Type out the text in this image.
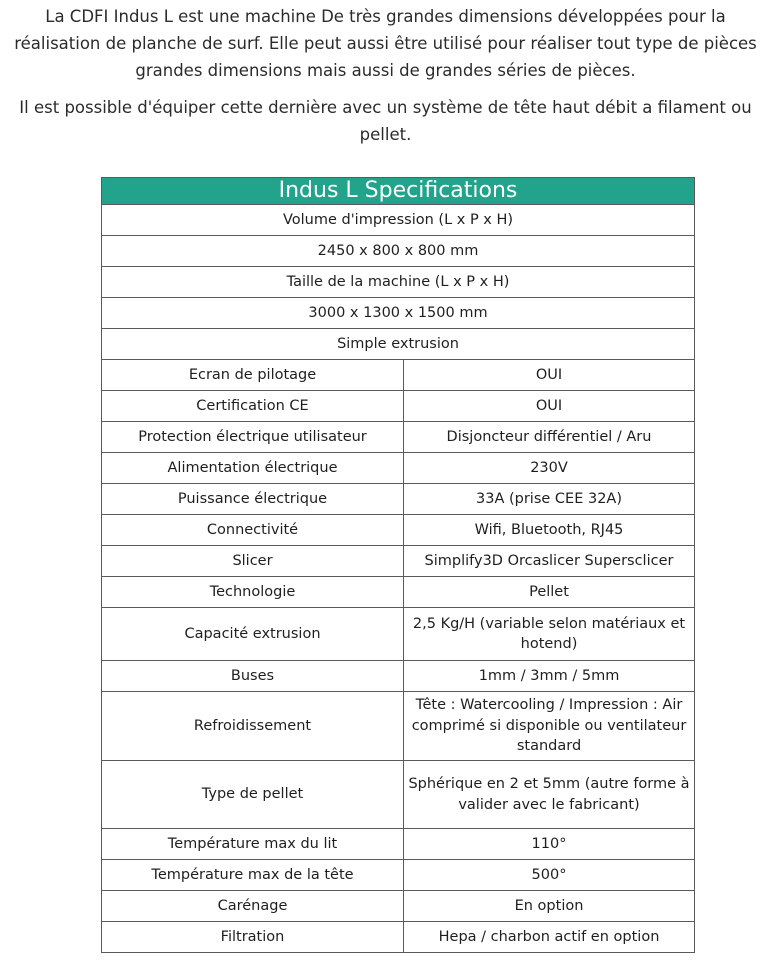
La CDFI Indus L est une machine De très grandes dimensions développées pour la réalisation de planche de surf. Elle peut aussi être utilisé pour réaliser tout type de pièces grandes dimensions mais aussi de grandes séries de pièces.

Il est possible d'équiper cette dernière avec un système de tête haut débit a filament ou pellet.

Indus L Specifications	
Volume d'impression (L x P x H)	
2450 x 800 x 800 mm	
Taille de la machine (L x P x H)	
3000 x 1300 x 1500 mm	
Simple extrusion	
Ecran de pilotage	OUI
Certification CE	OUI
Protection électrique utilisateur	Disjoncteur différentiel / Aru
Alimentation électrique	230V
Puissance électrique	33A (prise CEE 32A)
Connectivité	Wifi, Bluetooth, RJ45
Slicer	Simplify3D Orcaslicer Supersclicer
Technologie	Pellet
Capacité extrusion	2,5 Kg/H (variable selon matériaux et hotend)
Buses	1mm / 3mm / 5mm
Refroidissement	Tête : Watercooling / Impression : Air comprimé si disponible ou ventilateur standard
Type de pellet	Sphérique en 2 et 5mm (autre forme à valider avec le fabricant)
Température max du lit	110°
Température max de la tête	500°
Carénage	En option
Filtration	Hepa / charbon actif en option
